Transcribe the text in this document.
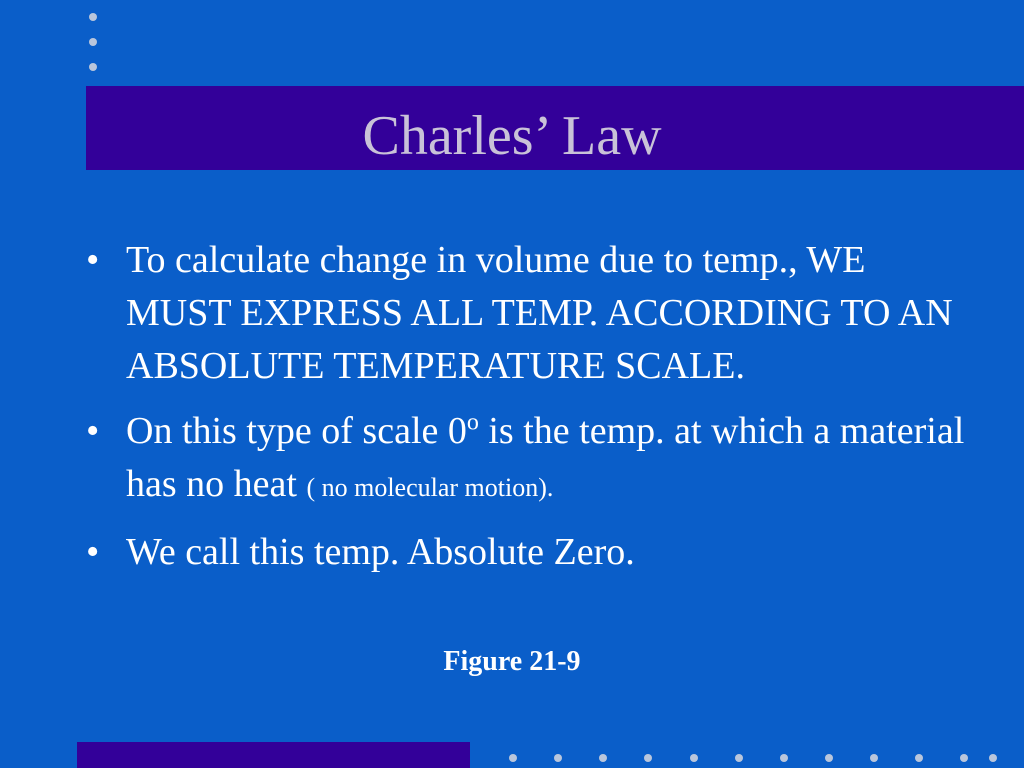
Charles’ Law
• To calculate change in volume due to temp., WE MUST EXPRESS ALL TEMP. ACCORDING TO AN ABSOLUTE TEMPERATURE SCALE.
• On this type of scale 0$^o$ is the temp. at which a material has no heat ( no molecular motion).
• We call this temp. Absolute Zero.
Figure 21-9
